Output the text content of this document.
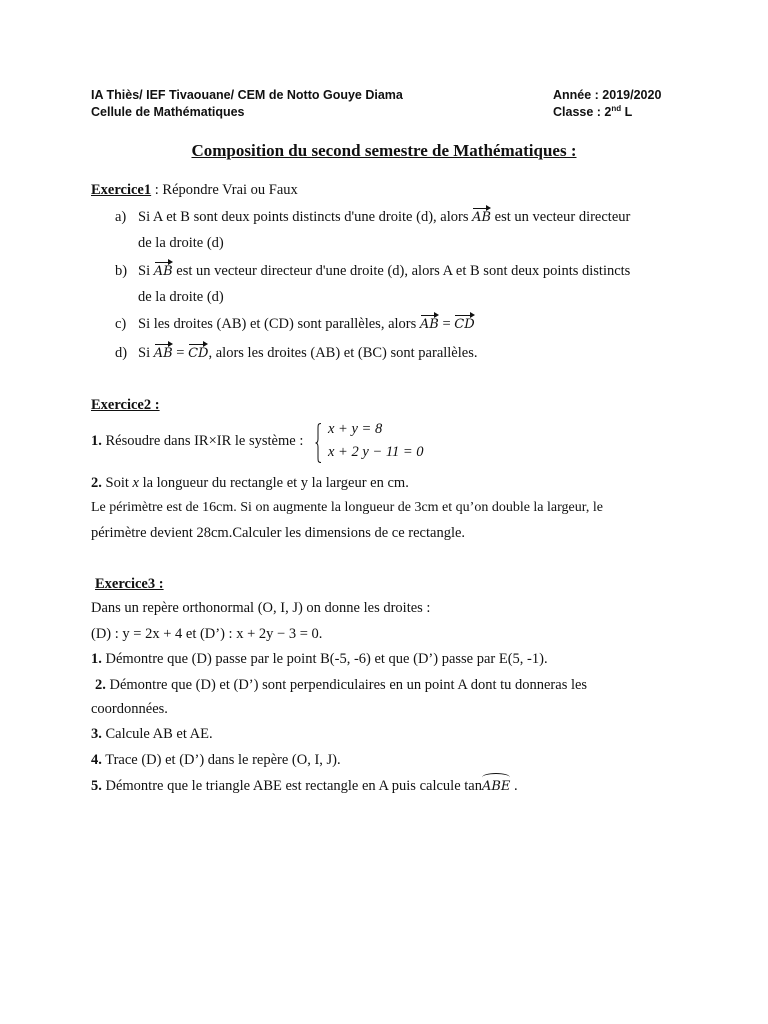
IA Thiès/ IEF Tivaouane/ CEM de Notto Gouye Diama	Année : 2019/2020
Cellule de Mathématiques	Classe : 2nd L
Composition du second semestre de Mathématiques :
Exercice1 : Répondre Vrai ou Faux
a) Si A et B sont deux points distincts d'une droite (d), alors AB est un vecteur directeur
de la droite (d)
b) Si AB est un vecteur directeur d'une droite (d), alors A et B sont deux points distincts
de la droite (d)
c) Si les droites (AB) et (CD) sont parallèles, alors AB = CD
d) Si AB = CD, alors les droites (AB) et (BC) sont parallèles.
Exercice2 :
1. Résoudre dans IR×IR le système :
x + y = 8
x + 2 y − 11 = 0
2. Soit x la longueur du rectangle et y la largeur en cm.
Le périmètre est de 16cm. Si on augmente la longueur de 3cm et qu’on double la largeur, le
périmètre devient 28cm.Calculer les dimensions de ce rectangle.
Exercice3 :
Dans un repère orthonormal (O, I, J) on donne les droites :
(D) : y = 2x + 4 et (D’) : x + 2y − 3 = 0.
1. Démontre que (D) passe par le point B(-5, -6) et que (D’) passe par E(5, -1).
2. Démontre que (D) et (D’) sont perpendiculaires en un point A dont tu donneras les
coordonnées.
3. Calcule AB et AE.
4. Trace (D) et (D’) dans le repère (O, I, J).
5. Démontre que le triangle ABE est rectangle en A puis calcule tanABE .
